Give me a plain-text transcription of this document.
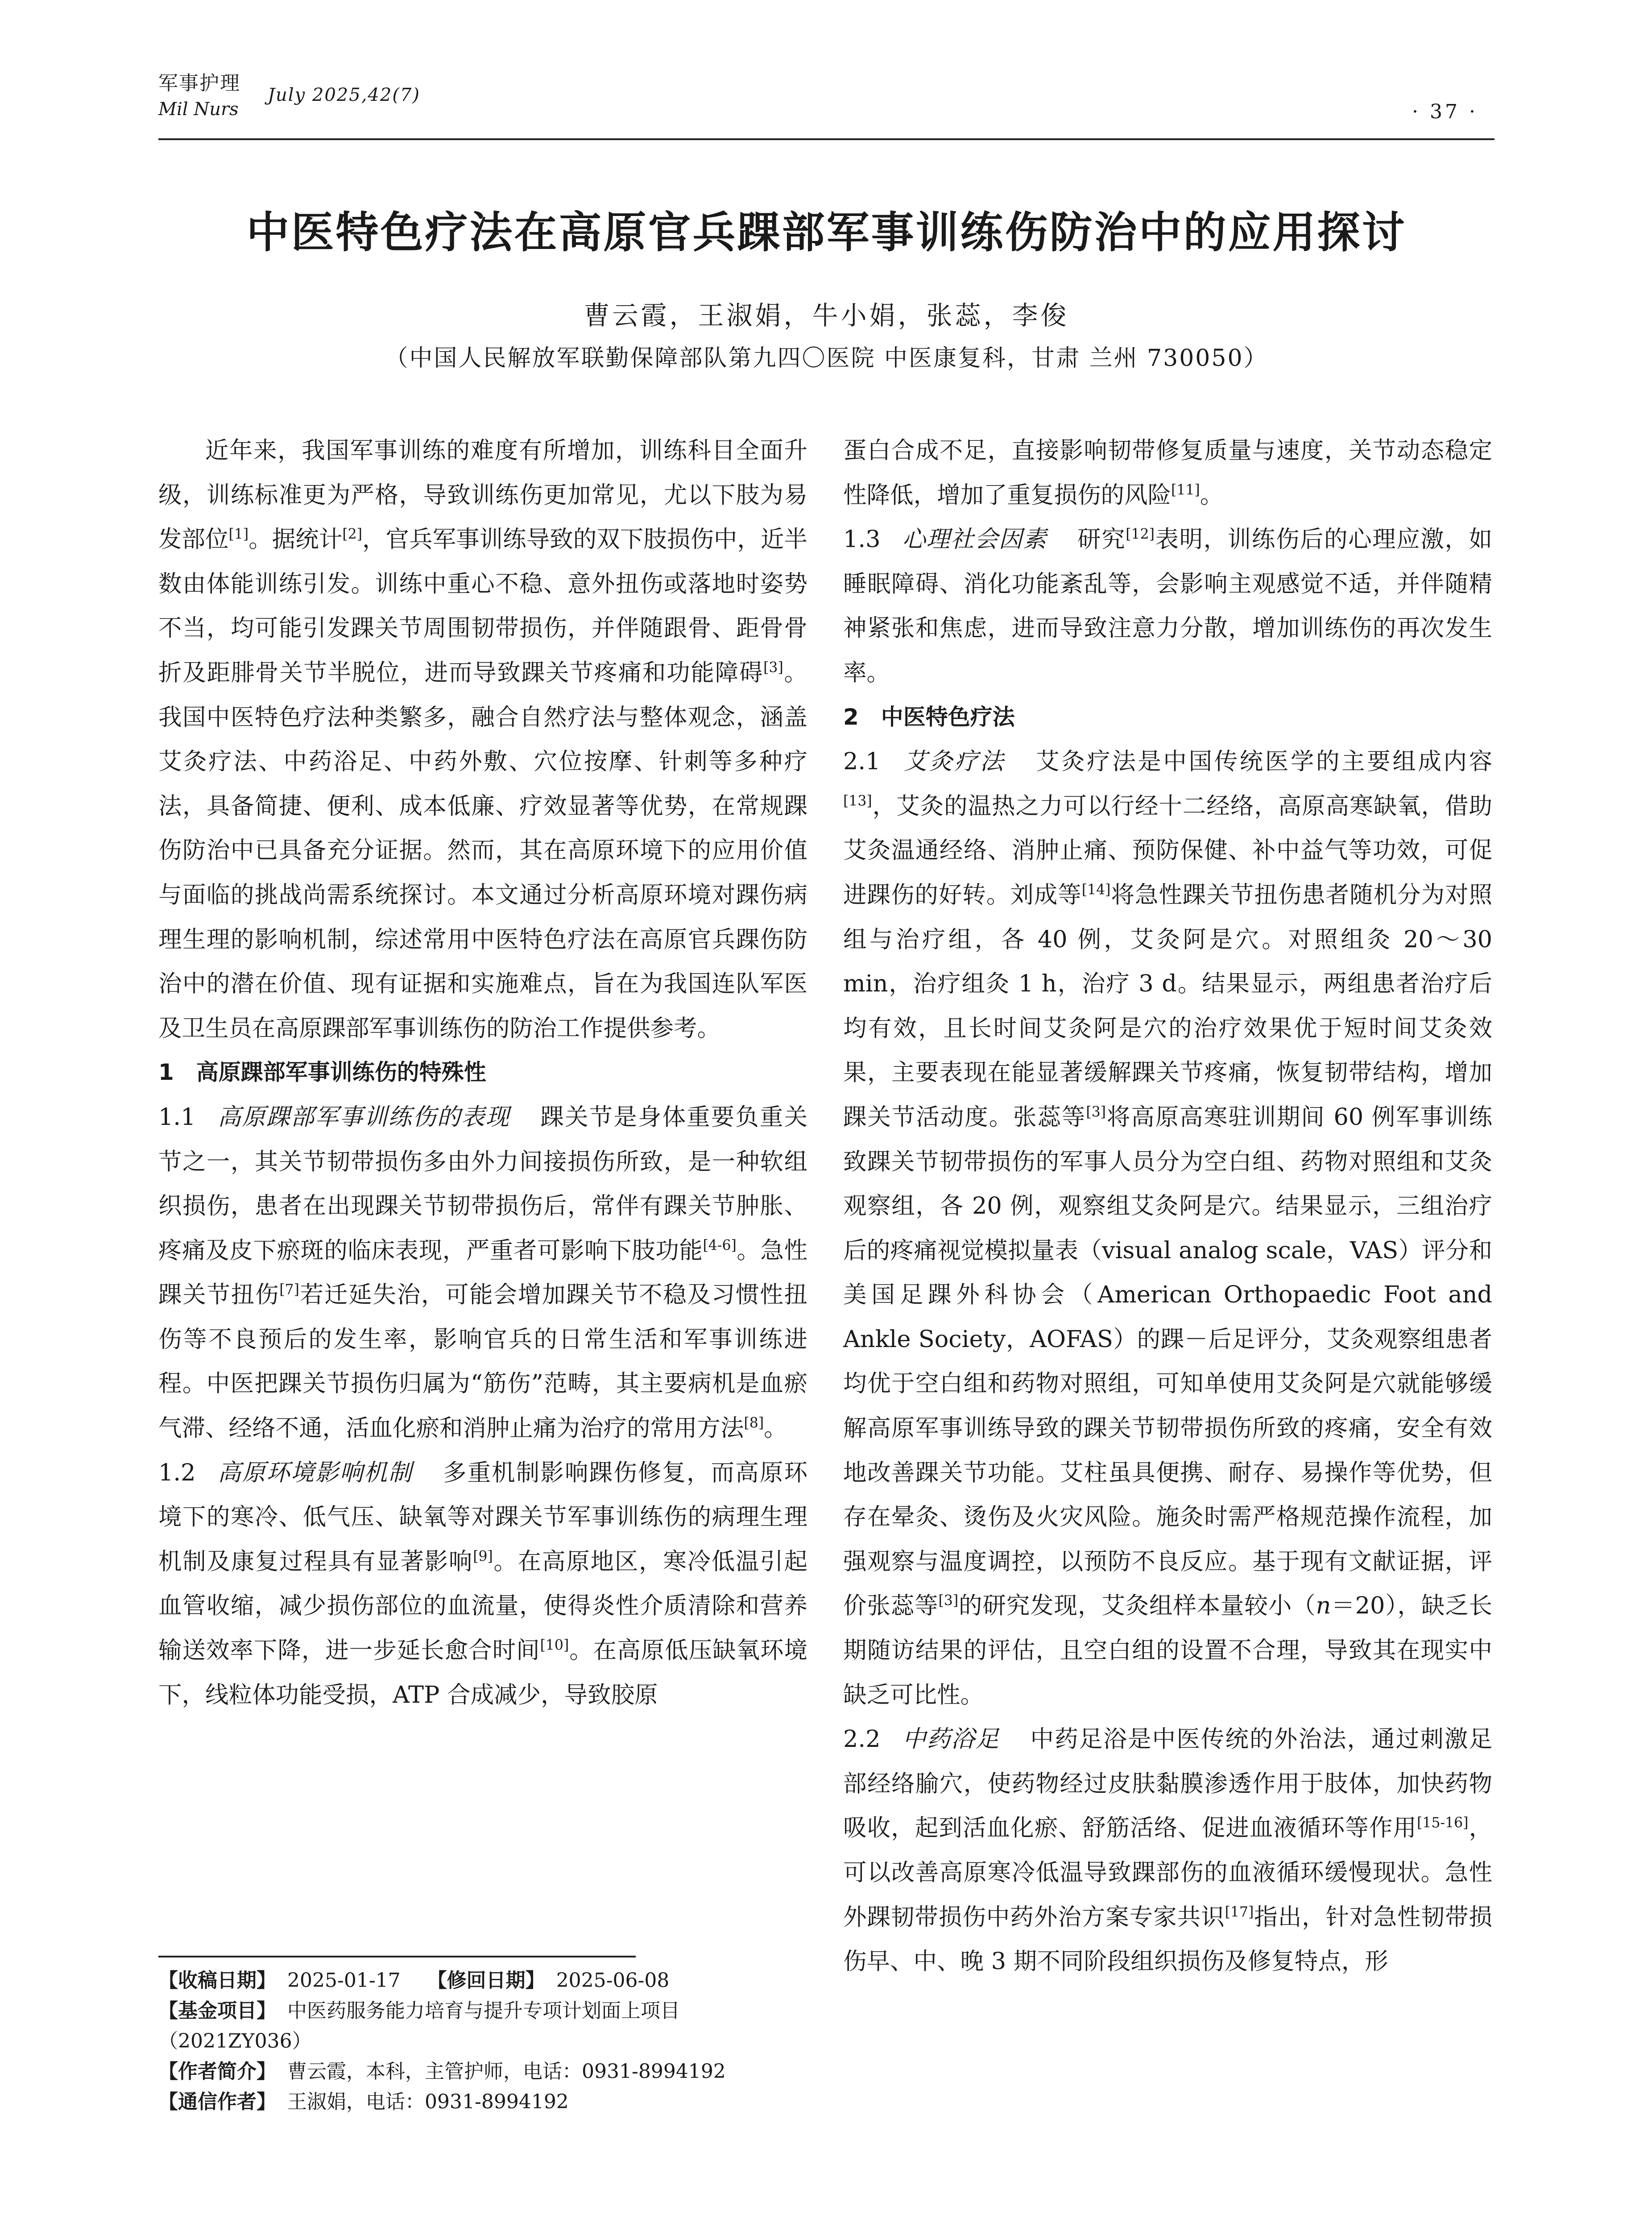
军事护理
Mil Nurs
July 2025,42(7)
· 37 ·
中医特色疗法在高原官兵踝部军事训练伤防治中的应用探讨
曹云霞，王淑娟，牛小娟，张蕊，李俊
（中国人民解放军联勤保障部队第九四〇医院 中医康复科，甘肃 兰州 730050）

近年来，我国军事训练的难度有所增加，训练科目全面升级，训练标准更为严格，导致训练伤更加常见，尤以下肢为易发部位[1]。据统计[2]，官兵军事训练导致的双下肢损伤中，近半数由体能训练引发。训练中重心不稳、意外扭伤或落地时姿势不当，均可能引发踝关节周围韧带损伤，并伴随跟骨、距骨骨折及距腓骨关节半脱位，进而导致踝关节疼痛和功能障碍[3]。我国中医特色疗法种类繁多，融合自然疗法与整体观念，涵盖艾灸疗法、中药浴足、中药外敷、穴位按摩、针刺等多种疗法，具备简捷、便利、成本低廉、疗效显著等优势，在常规踝伤防治中已具备充分证据。然而，其在高原环境下的应用价值与面临的挑战尚需系统探讨。本文通过分析高原环境对踝伤病理生理的影响机制，综述常用中医特色疗法在高原官兵踝伤防治中的潜在价值、现有证据和实施难点，旨在为我国连队军医及卫生员在高原踝部军事训练伤的防治工作提供参考。

1　高原踝部军事训练伤的特殊性

1.1 高原踝部军事训练伤的表现 踝关节是身体重要负重关节之一，其关节韧带损伤多由外力间接损伤所致，是一种软组织损伤，患者在出现踝关节韧带损伤后，常伴有踝关节肿胀、疼痛及皮下瘀斑的临床表现，严重者可影响下肢功能[4-6]。急性踝关节扭伤[7]若迁延失治，可能会增加踝关节不稳及习惯性扭伤等不良预后的发生率，影响官兵的日常生活和军事训练进程。中医把踝关节损伤归属为“筋伤”范畴，其主要病机是血瘀气滞、经络不通，活血化瘀和消肿止痛为治疗的常用方法[8]。

1.2 高原环境影响机制 多重机制影响踝伤修复，而高原环境下的寒冷、低气压、缺氧等对踝关节军事训练伤的病理生理机制及康复过程具有显著影响[9]。在高原地区，寒冷低温引起血管收缩，减少损伤部位的血流量，使得炎性介质清除和营养输送效率下降，进一步延长愈合时间[10]。在高原低压缺氧环境下，线粒体功能受损，ATP 合成减少，导致胶原

蛋白合成不足，直接影响韧带修复质量与速度，关节动态稳定性降低，增加了重复损伤的风险[11]。

1.3 心理社会因素 研究[12]表明，训练伤后的心理应激，如睡眠障碍、消化功能紊乱等，会影响主观感觉不适，并伴随精神紧张和焦虑，进而导致注意力分散，增加训练伤的再次发生率。

2　中医特色疗法

2.1 艾灸疗法 艾灸疗法是中国传统医学的主要组成内容[13]，艾灸的温热之力可以行经十二经络，高原高寒缺氧，借助艾灸温通经络、消肿止痛、预防保健、补中益气等功效，可促进踝伤的好转。刘成等[14]将急性踝关节扭伤患者随机分为对照组与治疗组，各 40 例，艾灸阿是穴。对照组灸 20～30 min，治疗组灸 1 h，治疗 3 d。结果显示，两组患者治疗后均有效，且长时间艾灸阿是穴的治疗效果优于短时间艾灸效果，主要表现在能显著缓解踝关节疼痛，恢复韧带结构，增加踝关节活动度。张蕊等[3]将高原高寒驻训期间 60 例军事训练致踝关节韧带损伤的军事人员分为空白组、药物对照组和艾灸观察组，各 20 例，观察组艾灸阿是穴。结果显示，三组治疗后的疼痛视觉模拟量表（visual analog scale，VAS）评分和美国足踝外科协会（American Orthopaedic Foot and Ankle Society，AOFAS）的踝－后足评分，艾灸观察组患者均优于空白组和药物对照组，可知单使用艾灸阿是穴就能够缓解高原军事训练导致的踝关节韧带损伤所致的疼痛，安全有效地改善踝关节功能。艾柱虽具便携、耐存、易操作等优势，但存在晕灸、烫伤及火灾风险。施灸时需严格规范操作流程，加强观察与温度调控，以预防不良反应。基于现有文献证据，评价张蕊等[3]的研究发现，艾灸组样本量较小（n＝20），缺乏长期随访结果的评估，且空白组的设置不合理，导致其在现实中缺乏可比性。

2.2 中药浴足 中药足浴是中医传统的外治法，通过刺激足部经络腧穴，使药物经过皮肤黏膜渗透作用于肢体，加快药物吸收，起到活血化瘀、舒筋活络、促进血液循环等作用[15-16]，可以改善高原寒冷低温导致踝部伤的血液循环缓慢现状。急性外踝韧带损伤中药外治方案专家共识[17]指出，针对急性韧带损伤早、中、晚 3 期不同阶段组织损伤及修复特点，形

【收稿日期】 2025-01-17 【修回日期】 2025-06-08

【基金项目】 中医药服务能力培育与提升专项计划面上项目（2021ZY036）

【作者简介】 曹云霞，本科，主管护师，电话：0931-8994192

【通信作者】 王淑娟，电话：0931-8994192
